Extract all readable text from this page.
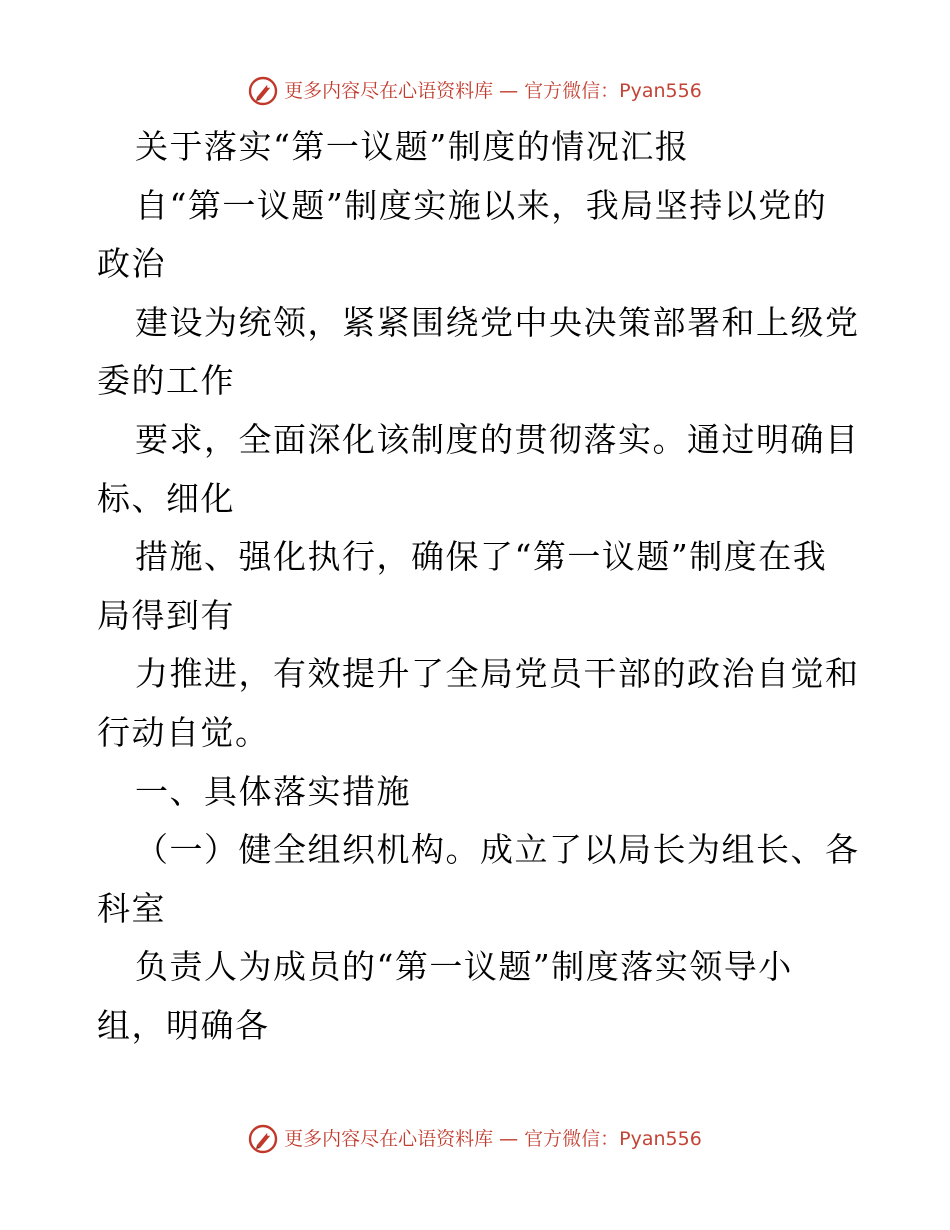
更多内容尽在心语资料库 — 官方微信：Pyan556
关于落实“第一议题”制度的情况汇报
自“第一议题”制度实施以来，我局坚持以党的
政治
建设为统领，紧紧围绕党中央决策部署和上级党
委的工作
要求，全面深化该制度的贯彻落实。通过明确目
标、细化
措施、强化执行，确保了“第一议题”制度在我
局得到有
力推进，有效提升了全局党员干部的政治自觉和
行动自觉。
一、具体落实措施
（一）健全组织机构。成立了以局长为组长、各
科室
负责人为成员的“第一议题”制度落实领导小
组，明确各
更多内容尽在心语资料库 — 官方微信：Pyan556
